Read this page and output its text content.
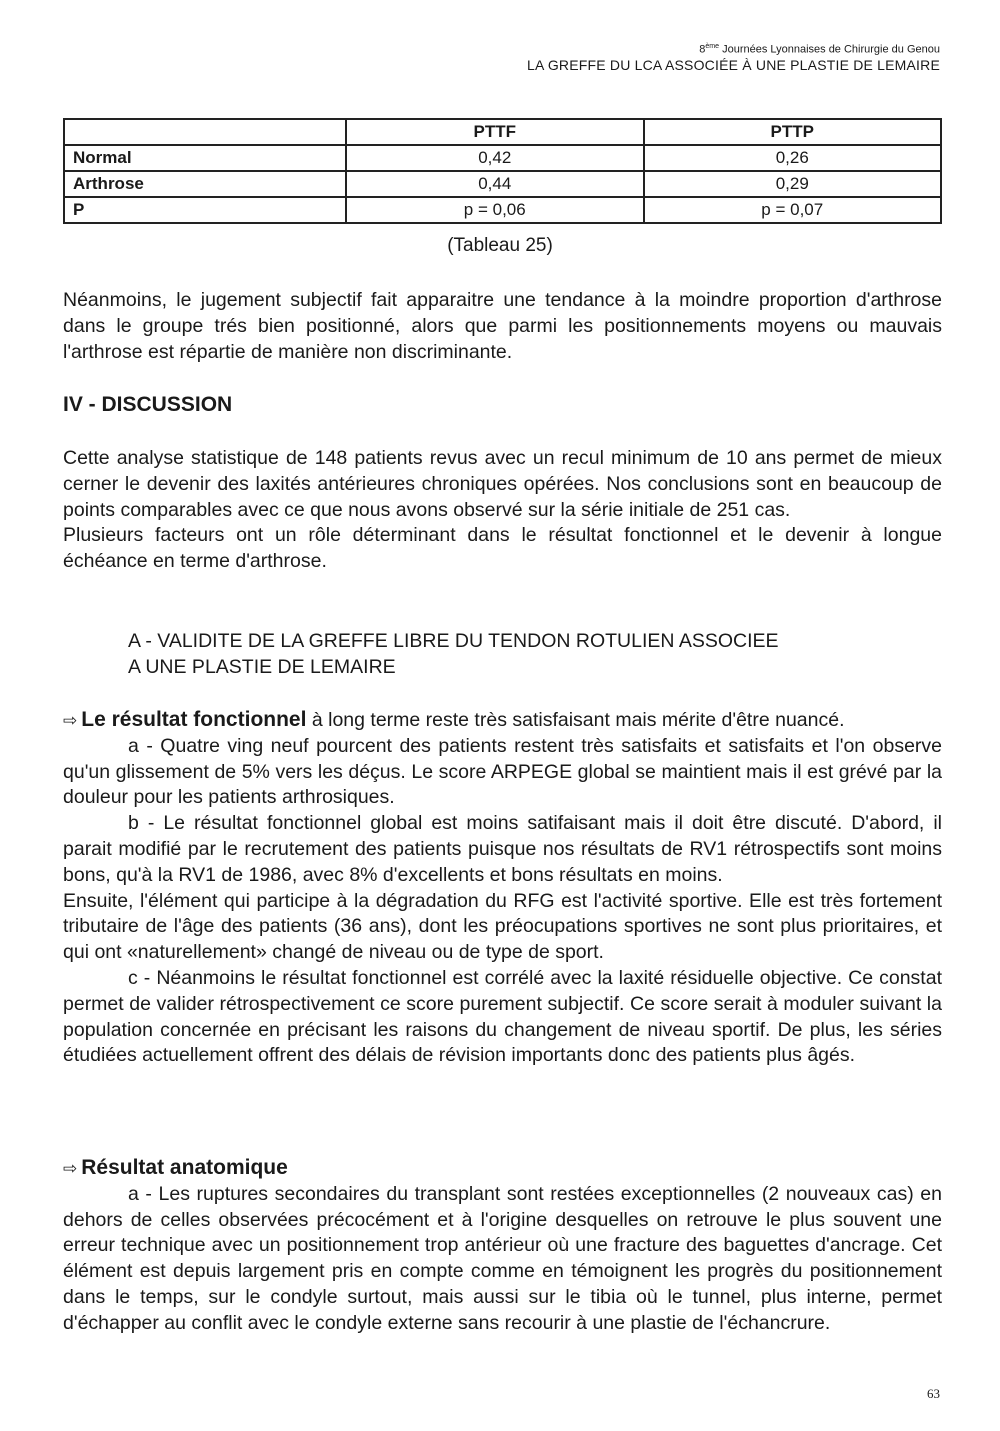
8ème Journées Lyonnaises de Chirurgie du Genou
LA GREFFE DU LCA ASSOCIÉE À UNE PLASTIE DE LEMAIRE
	PTTF	PTTP
Normal	0,42	0,26
Arthrose	0,44	0,29
P	p = 0,06	p = 0,07
(Tableau 25)

Néanmoins, le jugement subjectif fait apparaitre une tendance à la moindre proportion d'arthrose dans le groupe trés bien positionné, alors que parmi les positionnements moyens ou mauvais l'arthrose est répartie de manière non discriminante.

IV - DISCUSSION

Cette analyse statistique de 148 patients revus avec un recul minimum de 10 ans permet de mieux cerner le devenir des laxités antérieures chroniques opérées. Nos conclusions sont en beaucoup de points comparables avec ce que nous avons observé sur la série initiale de 251 cas.

Plusieurs facteurs ont un rôle déterminant dans le résultat fonctionnel et le devenir à longue échéance en terme d'arthrose.

A - VALIDITE DE LA GREFFE LIBRE DU TENDON ROTULIEN ASSOCIEE
A UNE PLASTIE DE LEMAIRE

⇨ Le résultat fonctionnel à long terme reste très satisfaisant mais mérite d'être nuancé.

a - Quatre ving neuf pourcent des patients restent très satisfaits et satisfaits et l'on observe qu'un glissement de 5% vers les déçus. Le score ARPEGE global se maintient mais il est grévé par la douleur pour les patients arthrosiques.

b - Le résultat fonctionnel global est moins satifaisant mais il doit être discuté. D'abord, il parait modifié par le recrutement des patients puisque nos résultats de RV1 rétrospectifs sont moins bons, qu'à la RV1 de 1986, avec 8% d'excellents et bons résultats en moins.

Ensuite, l'élément qui participe à la dégradation du RFG est l'activité sportive. Elle est très fortement tributaire de l'âge des patients (36 ans), dont les préocupations sportives ne sont plus prioritaires, et qui ont «naturellement» changé de niveau ou de type de sport.

c - Néanmoins le résultat fonctionnel est corrélé avec la laxité résiduelle objective. Ce constat permet de valider rétrospectivement ce score purement subjectif. Ce score serait à moduler suivant la population concernée en précisant les raisons du changement de niveau sportif. De plus, les séries étudiées actuellement offrent des délais de révision importants donc des patients plus âgés.

⇨ Résultat anatomique

a - Les ruptures secondaires du transplant sont restées exceptionnelles (2 nouveaux cas) en dehors de celles observées précocément et à l'origine desquelles on retrouve le plus souvent une erreur technique avec un positionnement trop antérieur où une fracture des baguettes d'ancrage. Cet élément est depuis largement pris en compte comme en témoignent les progrès du positionnement dans le temps, sur le condyle surtout, mais aussi sur le tibia où le tunnel, plus interne, permet d'échapper au conflit avec le condyle externe sans recourir à une plastie de l'échancrure.

63
